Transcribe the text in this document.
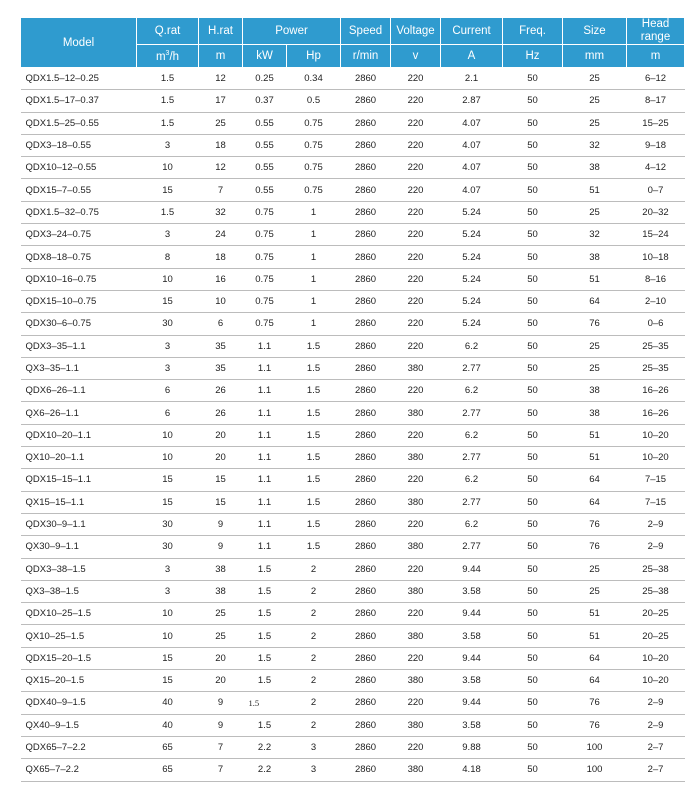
Model	Q.rat	H.rat	Power		Speed	Voltage	Current	Freq.	Size	Head range
	$m^3/h$	m	kW	Hp	r/min	v	A	Hz	mm	m
QDX1.5–12–0.25	1.5	12	0.25	0.34	2860	220	2.1	50	25	6–12
QDX1.5–17–0.37	1.5	17	0.37	0.5	2860	220	2.87	50	25	8–17
QDX1.5–25–0.55	1.5	25	0.55	0.75	2860	220	4.07	50	25	15–25
QDX3–18–0.55	3	18	0.55	0.75	2860	220	4.07	50	32	9–18
QDX10–12–0.55	10	12	0.55	0.75	2860	220	4.07	50	38	4–12
QDX15–7–0.55	15	7	0.55	0.75	2860	220	4.07	50	51	0–7
QDX1.5–32–0.75	1.5	32	0.75	1	2860	220	5.24	50	25	20–32
QDX3–24–0.75	3	24	0.75	1	2860	220	5.24	50	32	15–24
QDX8–18–0.75	8	18	0.75	1	2860	220	5.24	50	38	10–18
QDX10–16–0.75	10	16	0.75	1	2860	220	5.24	50	51	8–16
QDX15–10–0.75	15	10	0.75	1	2860	220	5.24	50	64	2–10
QDX30–6–0.75	30	6	0.75	1	2860	220	5.24	50	76	0–6
QDX3–35–1.1	3	35	1.1	1.5	2860	220	6.2	50	25	25–35
QX3–35–1.1	3	35	1.1	1.5	2860	380	2.77	50	25	25–35
QDX6–26–1.1	6	26	1.1	1.5	2860	220	6.2	50	38	16–26
QX6–26–1.1	6	26	1.1	1.5	2860	380	2.77	50	38	16–26
QDX10–20–1.1	10	20	1.1	1.5	2860	220	6.2	50	51	10–20
QX10–20–1.1	10	20	1.1	1.5	2860	380	2.77	50	51	10–20
QDX15–15–1.1	15	15	1.1	1.5	2860	220	6.2	50	64	7–15
QX15–15–1.1	15	15	1.1	1.5	2860	380	2.77	50	64	7–15
QDX30–9–1.1	30	9	1.1	1.5	2860	220	6.2	50	76	2–9
QX30–9–1.1	30	9	1.1	1.5	2860	380	2.77	50	76	2–9
QDX3–38–1.5	3	38	1.5	2	2860	220	9.44	50	25	25–38
QX3–38–1.5	3	38	1.5	2	2860	380	3.58	50	25	25–38
QDX10–25–1.5	10	25	1.5	2	2860	220	9.44	50	51	20–25
QX10–25–1.5	10	25	1.5	2	2860	380	3.58	50	51	20–25
QDX15–20–1.5	15	20	1.5	2	2860	220	9.44	50	64	10–20
QX15–20–1.5	15	20	1.5	2	2860	380	3.58	50	64	10–20
QDX40–9–1.5	40	9	1.5	2	2860	220	9.44	50	76	2–9
QX40–9–1.5	40	9	1.5	2	2860	380	3.58	50	76	2–9
QDX65–7–2.2	65	7	2.2	3	2860	220	9.88	50	100	2–7
QX65–7–2.2	65	7	2.2	3	2860	380	4.18	50	100	2–7
